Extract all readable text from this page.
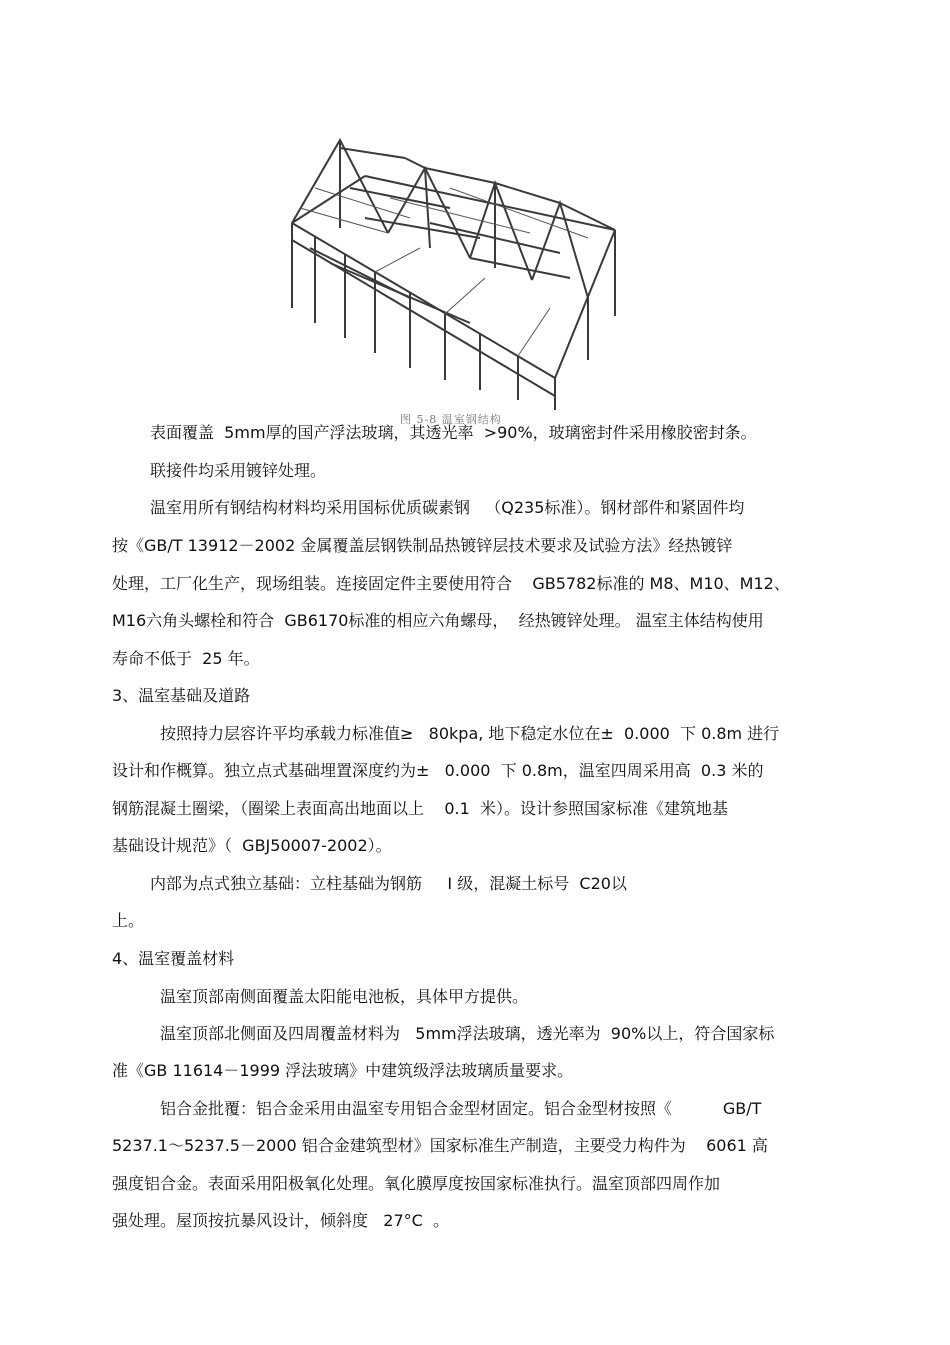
图 5-8 温室钢结构
表面覆盖  5mm厚的国产浮法玻璃，其透光率  >90%，玻璃密封件采用橡胶密封条。
联接件均采用镀锌处理。
温室用所有钢结构材料均采用国标优质碳素钢   （Q235标准）。钢材部件和紧固件均
按《GB/T 13912－2002 金属覆盖层钢铁制品热镀锌层技术要求及试验方法》经热镀锌
处理，工厂化生产，现场组装。连接固定件主要使用符合    GB5782标准的 M8、M10、M12、
M16六角头螺栓和符合  GB6170标准的相应六角螺母，  经热镀锌处理。 温室主体结构使用
寿命不低于  25 年。
3、温室基础及道路
按照持力层容许平均承载力标准值≥   80kpa, 地下稳定水位在±  0.000  下 0.8m 进行
设计和作概算。独立点式基础埋置深度约为±   0.000  下 0.8m，温室四周采用高  0.3 米的
钢筋混凝土圈梁，（圈梁上表面高出地面以上    0.1  米）。设计参照国家标准《建筑地基
基础设计规范》（  GBJ50007-2002）。
内部为点式独立基础：立柱基础为钢筋     Ⅰ 级，混凝土标号  C20以
上。
4、温室覆盖材料
温室顶部南侧面覆盖太阳能电池板，具体甲方提供。
温室顶部北侧面及四周覆盖材料为   5mm浮法玻璃，透光率为  90%以上，符合国家标
准《GB 11614－1999 浮法玻璃》中建筑级浮法玻璃质量要求。
铝合金批覆：铝合金采用由温室专用铝合金型材固定。铝合金型材按照《          GB/T
5237.1～5237.5－2000 铝合金建筑型材》国家标准生产制造，主要受力构件为    6061 高
强度铝合金。表面采用阳极氧化处理。氧化膜厚度按国家标准执行。温室顶部四周作加
强处理。屋顶按抗暴风设计，倾斜度   27°C  。
